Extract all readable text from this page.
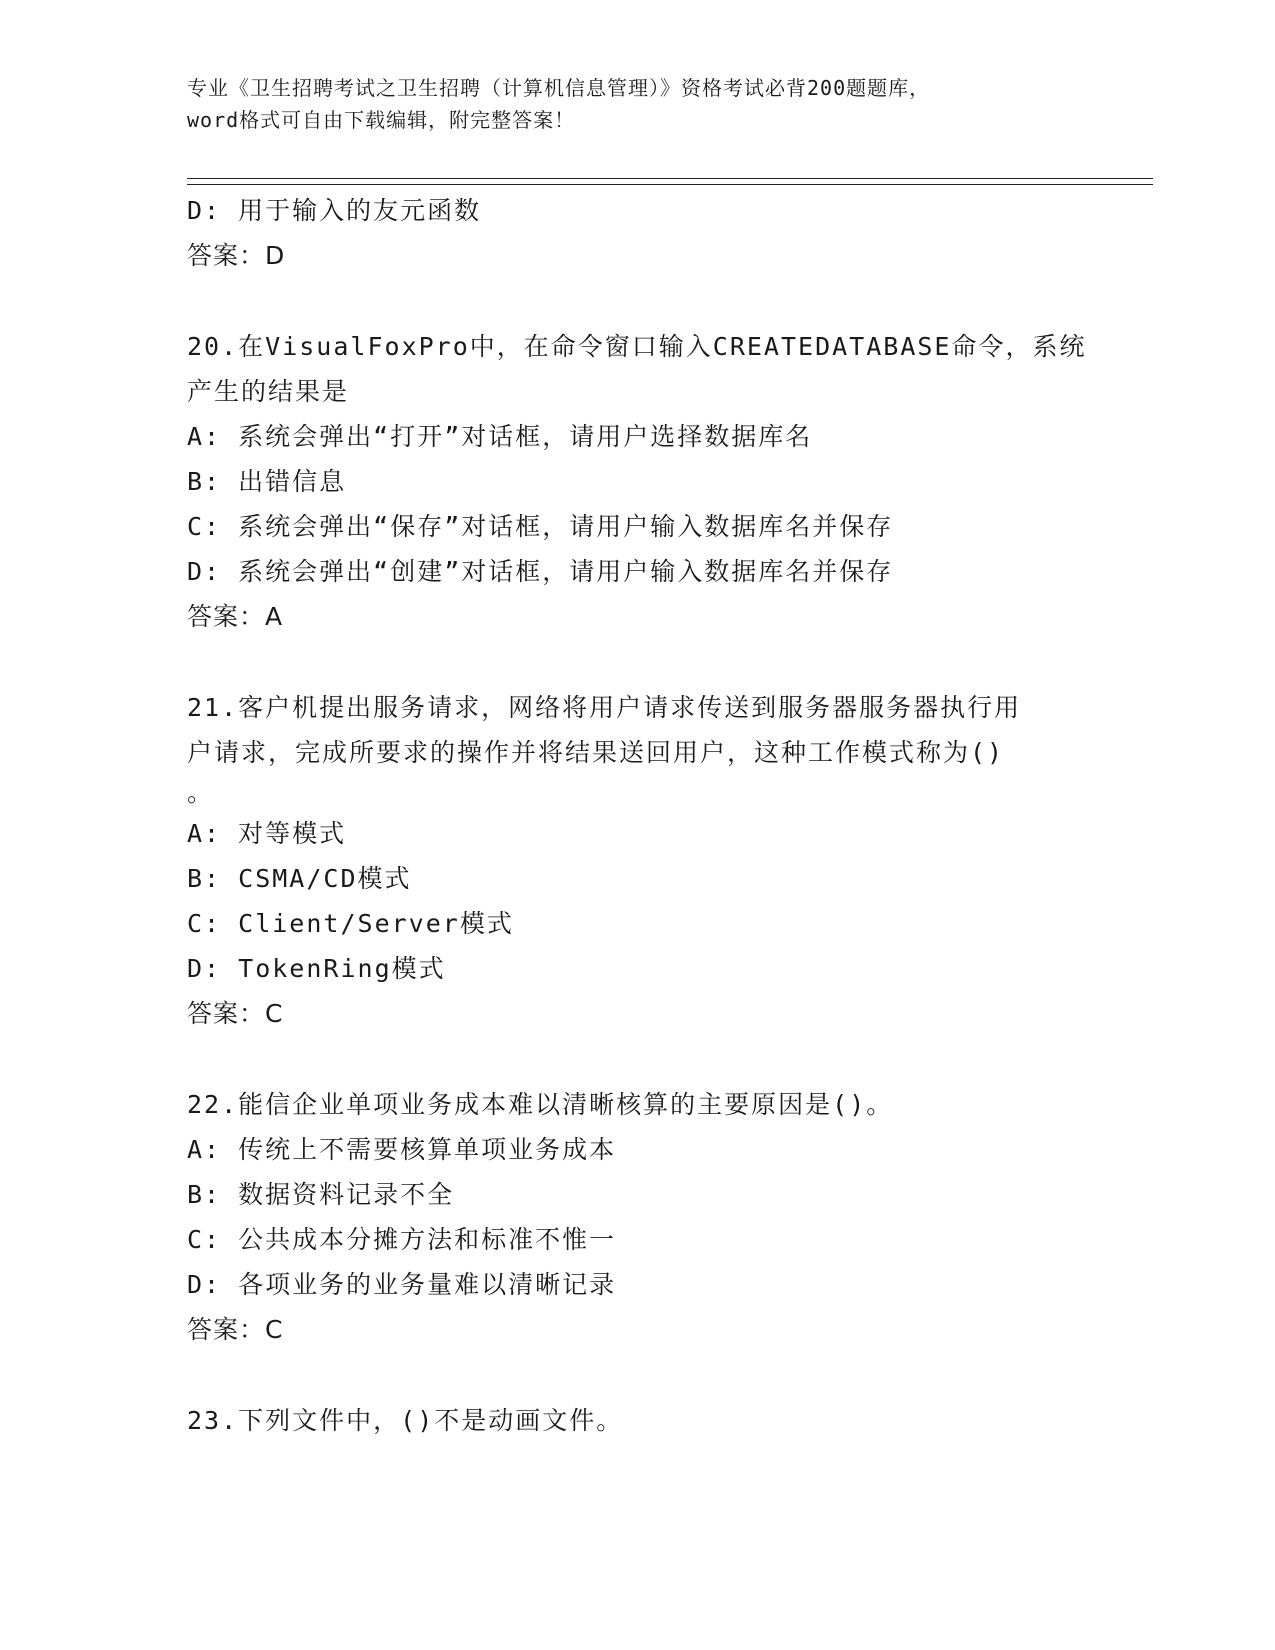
专业《卫生招聘考试之卫生招聘（计算机信息管理）》资格考试必背200题题库，
word格式可自由下载编辑，附完整答案！
D: 用于输入的友元函数
答案：D
20.在VisualFoxPro中，在命令窗口输入CREATEDATABASE命令，系统
产生的结果是
A: 系统会弹出“打开”对话框，请用户选择数据库名
B: 出错信息
C: 系统会弹出“保存”对话框，请用户输入数据库名并保存
D: 系统会弹出“创建”对话框，请用户输入数据库名并保存
答案：A
21.客户机提出服务请求，网络将用户请求传送到服务器服务器执行用
户请求，完成所要求的操作并将结果送回用户，这种工作模式称为()
。
A: 对等模式
B: CSMA/CD模式
C: Client/Server模式
D: TokenRing模式
答案：C
22.能信企业单项业务成本难以清晰核算的主要原因是()。
A: 传统上不需要核算单项业务成本
B: 数据资料记录不全
C: 公共成本分摊方法和标准不惟一
D: 各项业务的业务量难以清晰记录
答案：C
23.下列文件中，()不是动画文件。
